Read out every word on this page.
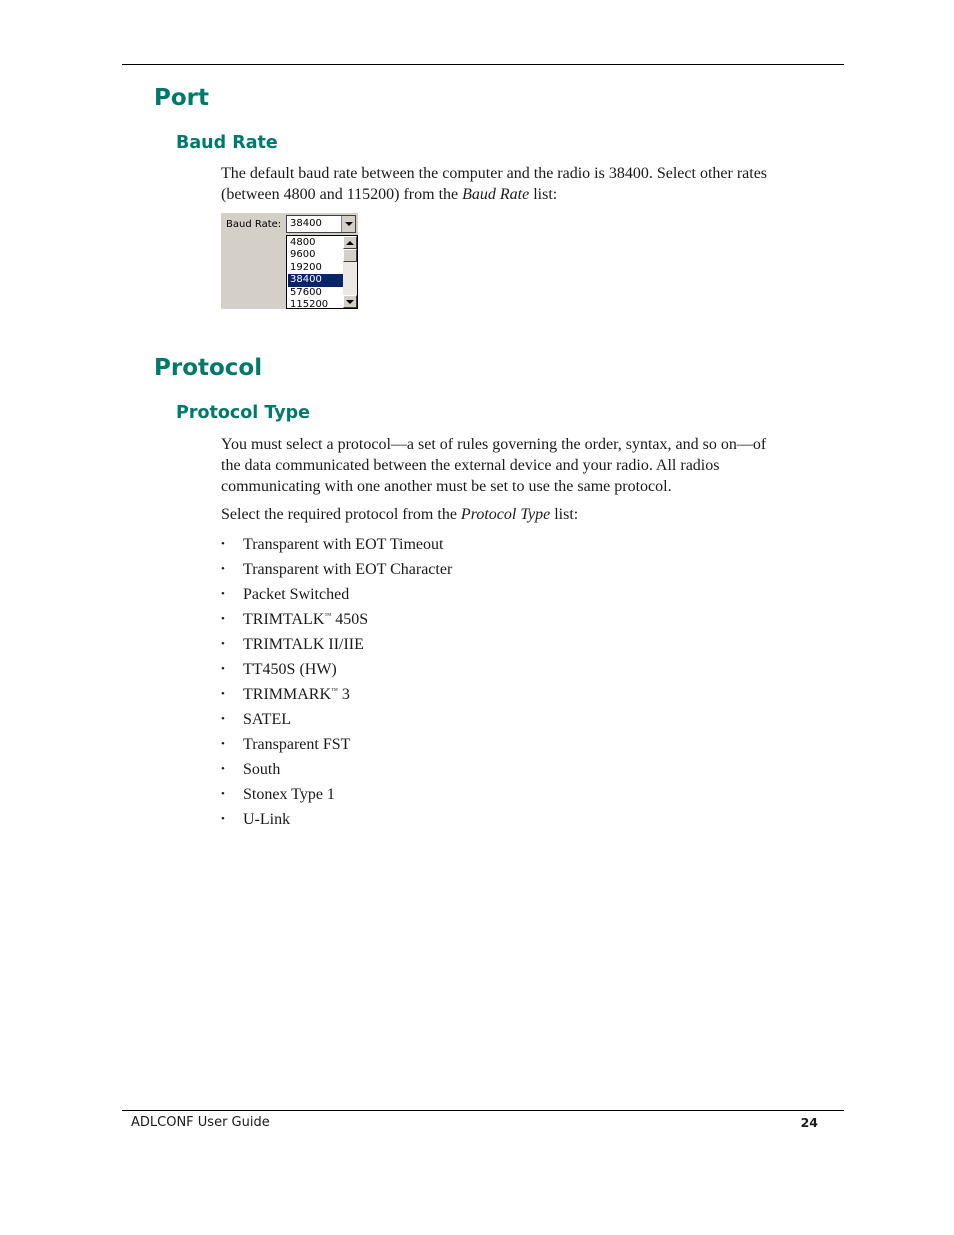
Port
Baud Rate

The default baud rate between the computer and the radio is 38400. Select other rates (between 4800 and 115200) from the Baud Rate list:

Baud Rate: 38400
4800
9600
19200
38400
57600
115200
Protocol
Protocol Type

You must select a protocol—a set of rules governing the order, syntax, and so on—of the data communicated between the external device and your radio. All radios communicating with one another must be set to use the same protocol.

Select the required protocol from the Protocol Type list:

• Transparent with EOT Timeout
• Transparent with EOT Character
• Packet Switched
• TRIMTALK™ 450S
• TRIMTALK II/IIE
• TT450S (HW)
• TRIMMARK™ 3
• SATEL
• Transparent FST
• South
• Stonex Type 1
• U-Link
ADLCONF User Guide	24
